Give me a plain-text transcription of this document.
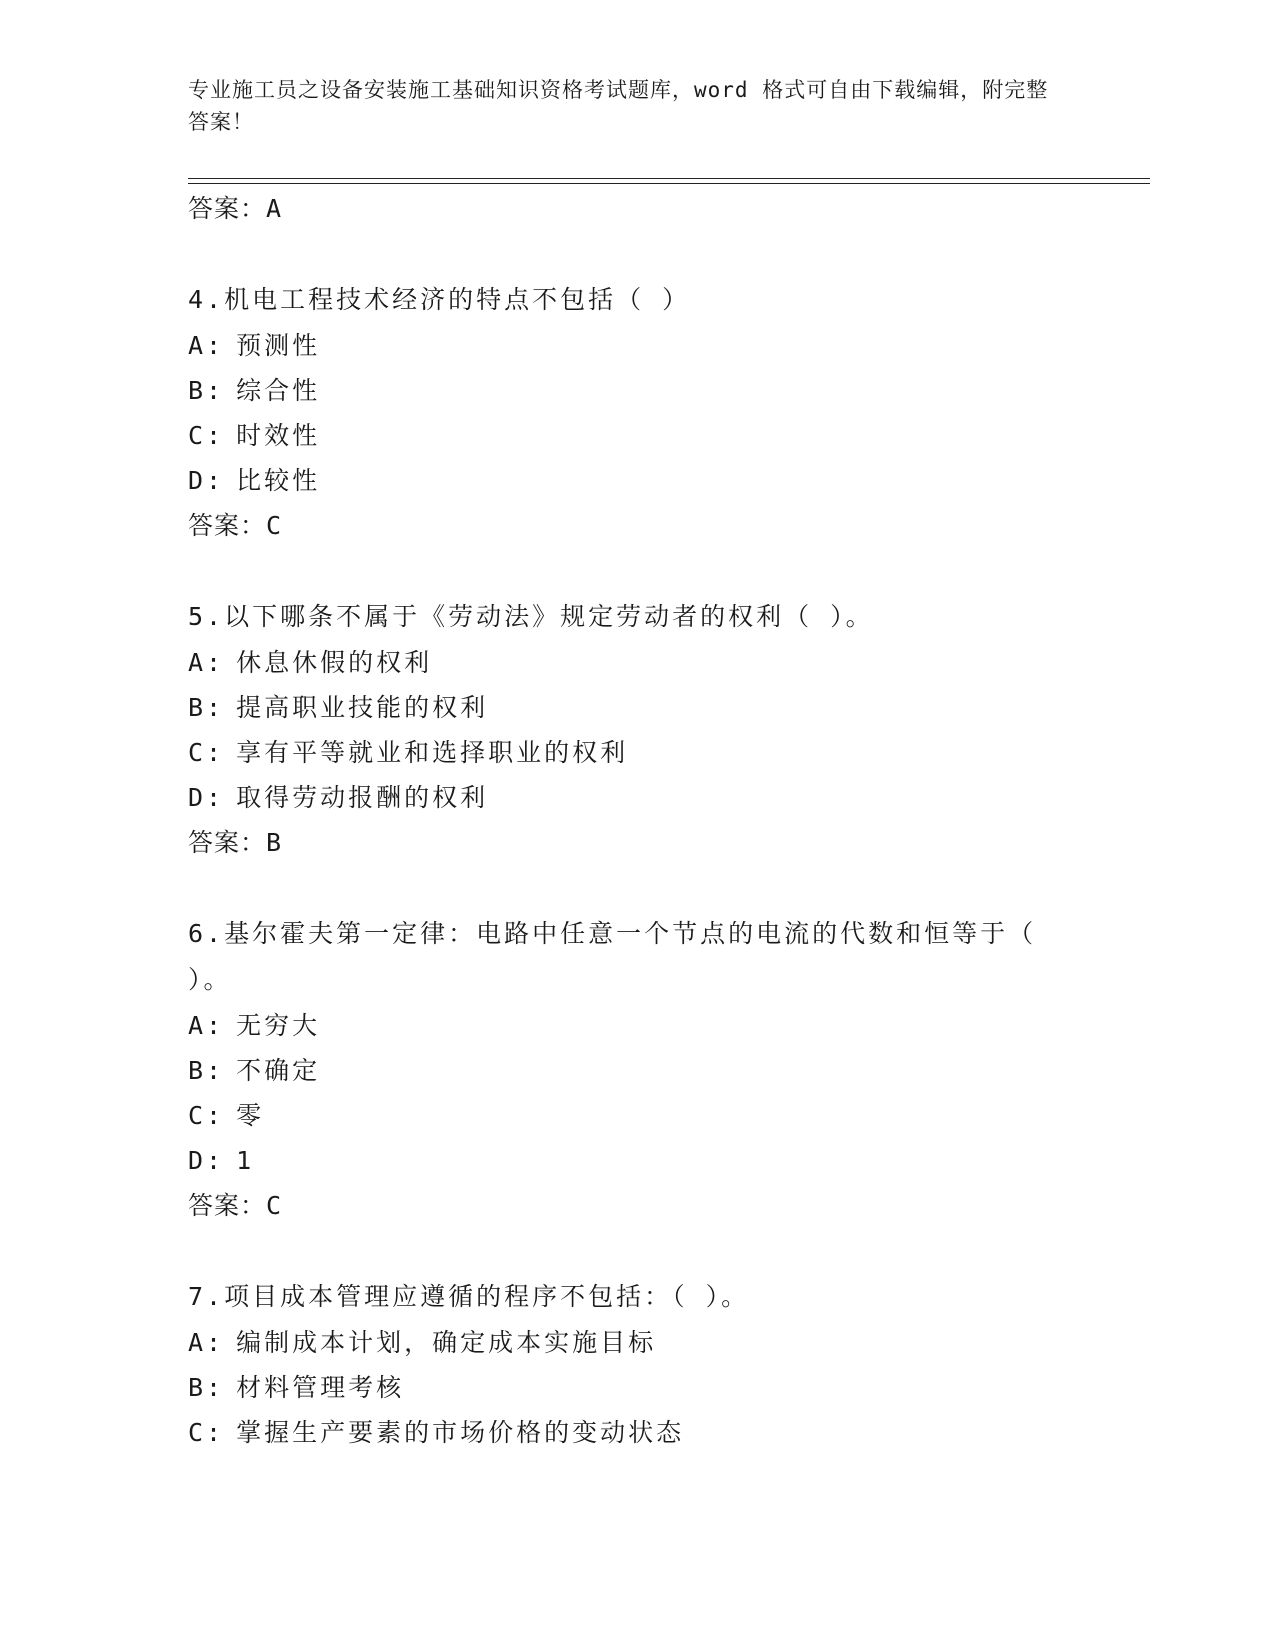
专业施工员之设备安装施工基础知识资格考试题库，word 格式可自由下载编辑，附完整答案！
答案：A
4.机电工程技术经济的特点不包括（ ）
A: 预测性
B: 综合性
C: 时效性
D: 比较性
答案：C
5.以下哪条不属于《劳动法》规定劳动者的权利（ ）。
A: 休息休假的权利
B: 提高职业技能的权利
C: 享有平等就业和选择职业的权利
D: 取得劳动报酬的权利
答案：B
6.基尔霍夫第一定律：电路中任意一个节点的电流的代数和恒等于（ ）。
A: 无穷大
B: 不确定
C: 零
D: 1
答案：C
7.项目成本管理应遵循的程序不包括：（ ）。
A: 编制成本计划，确定成本实施目标
B: 材料管理考核
C: 掌握生产要素的市场价格的变动状态
